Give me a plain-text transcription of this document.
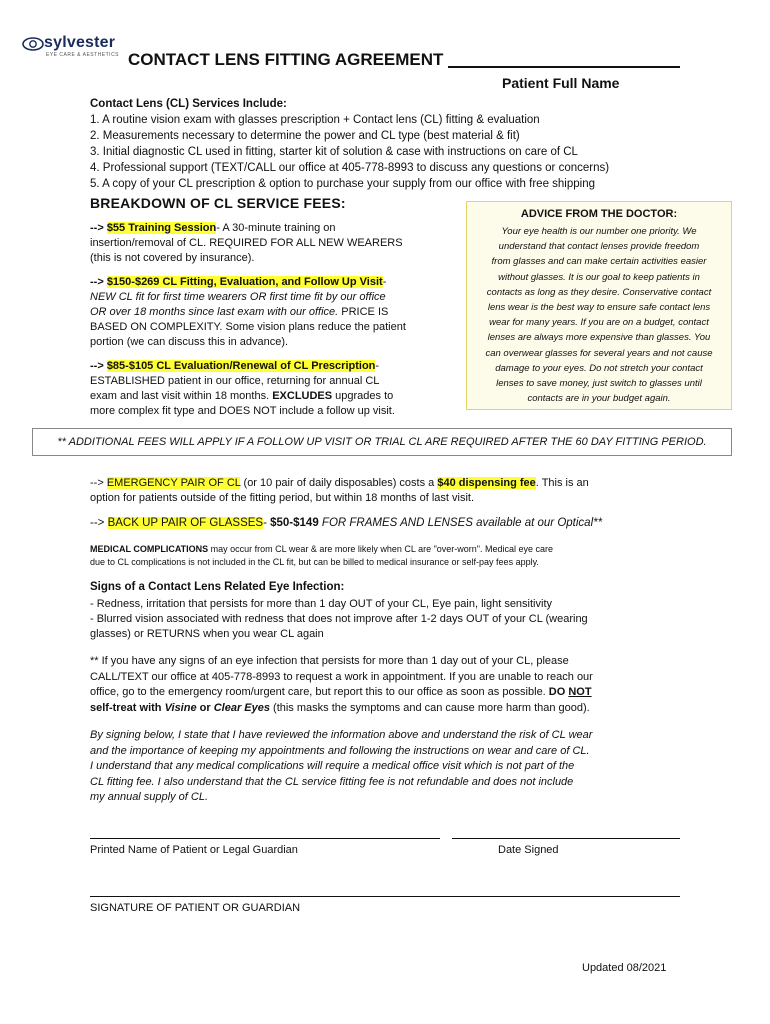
sylvester
EYE CARE & AESTHETICS CONTACT LENS FITTING AGREEMENT
Patient Full Name
Contact Lens (CL) Services Include:
1. A routine vision exam with glasses prescription + Contact lens (CL) fitting & evaluation
2. Measurements necessary to determine the power and CL type (best material & fit)
3. Initial diagnostic CL used in fitting, starter kit of solution & case with instructions on care of CL
4. Professional support (TEXT/CALL our office at 405-778-8993 to discuss any questions or concerns)
5. A copy of your CL prescription & option to purchase your supply from our office with free shipping
BREAKDOWN OF CL SERVICE FEES:
--> $55 Training Session- A 30-minute training on
insertion/removal of CL. REQUIRED FOR ALL NEW WEARERS
(this is not covered by insurance).
--> $150-$269 CL Fitting, Evaluation, and Follow Up Visit-
NEW CL fit for first time wearers OR first time fit by our office
OR over 18 months since last exam with our office. PRICE IS
BASED ON COMPLEXITY. Some vision plans reduce the patient
portion (we can discuss this in advance).
--> $85-$105 CL Evaluation/Renewal of CL Prescription-
ESTABLISHED patient in our office, returning for annual CL
exam and last visit within 18 months. EXCLUDES upgrades to
more complex fit type and DOES NOT include a follow up visit.
ADVICE FROM THE DOCTOR:
Your eye health is our number one priority. We
understand that contact lenses provide freedom
from glasses and can make certain activities easier
without glasses. It is our goal to keep patients in
contacts as long as they desire. Conservative contact
lens wear is the best way to ensure safe contact lens
wear for many years. If you are on a budget, contact
lenses are always more expensive than glasses. You
can overwear glasses for several years and not cause
damage to your eyes. Do not stretch your contact
lenses to save money, just switch to glasses until
contacts are in your budget again.
** ADDITIONAL FEES WILL APPLY IF A FOLLOW UP VISIT OR TRIAL CL ARE REQUIRED AFTER THE 60 DAY FITTING PERIOD.
--> EMERGENCY PAIR OF CL (or 10 pair of daily disposables) costs a $40 dispensing fee. This is an
option for patients outside of the fitting period, but within 18 months of last visit.
--> BACK UP PAIR OF GLASSES- $50-$149 FOR FRAMES AND LENSES available at our Optical**
MEDICAL COMPLICATIONS may occur from CL wear & are more likely when CL are "over-worn". Medical eye care
due to CL complications is not included in the CL fit, but can be billed to medical insurance or self-pay fees apply.
Signs of a Contact Lens Related Eye Infection:
- Redness, irritation that persists for more than 1 day OUT of your CL, Eye pain, light sensitivity
- Blurred vision associated with redness that does not improve after 1-2 days OUT of your CL (wearing
glasses) or RETURNS when you wear CL again
** If you have any signs of an eye infection that persists for more than 1 day out of your CL, please
CALL/TEXT our office at 405-778-8993 to request a work in appointment. If you are unable to reach our
office, go to the emergency room/urgent care, but report this to our office as soon as possible. DO NOT
self-treat with Visine or Clear Eyes (this masks the symptoms and can cause more harm than good).
By signing below, I state that I have reviewed the information above and understand the risk of CL wear
and the importance of keeping my appointments and following the instructions on wear and care of CL.
I understand that any medical complications will require a medical office visit which is not part of the
CL fitting fee. I also understand that the CL service fitting fee is not refundable and does not include
my annual supply of CL.
Printed Name of Patient or Legal Guardian	Date Signed
SIGNATURE OF PATIENT OR GUARDIAN
Updated 08/2021
